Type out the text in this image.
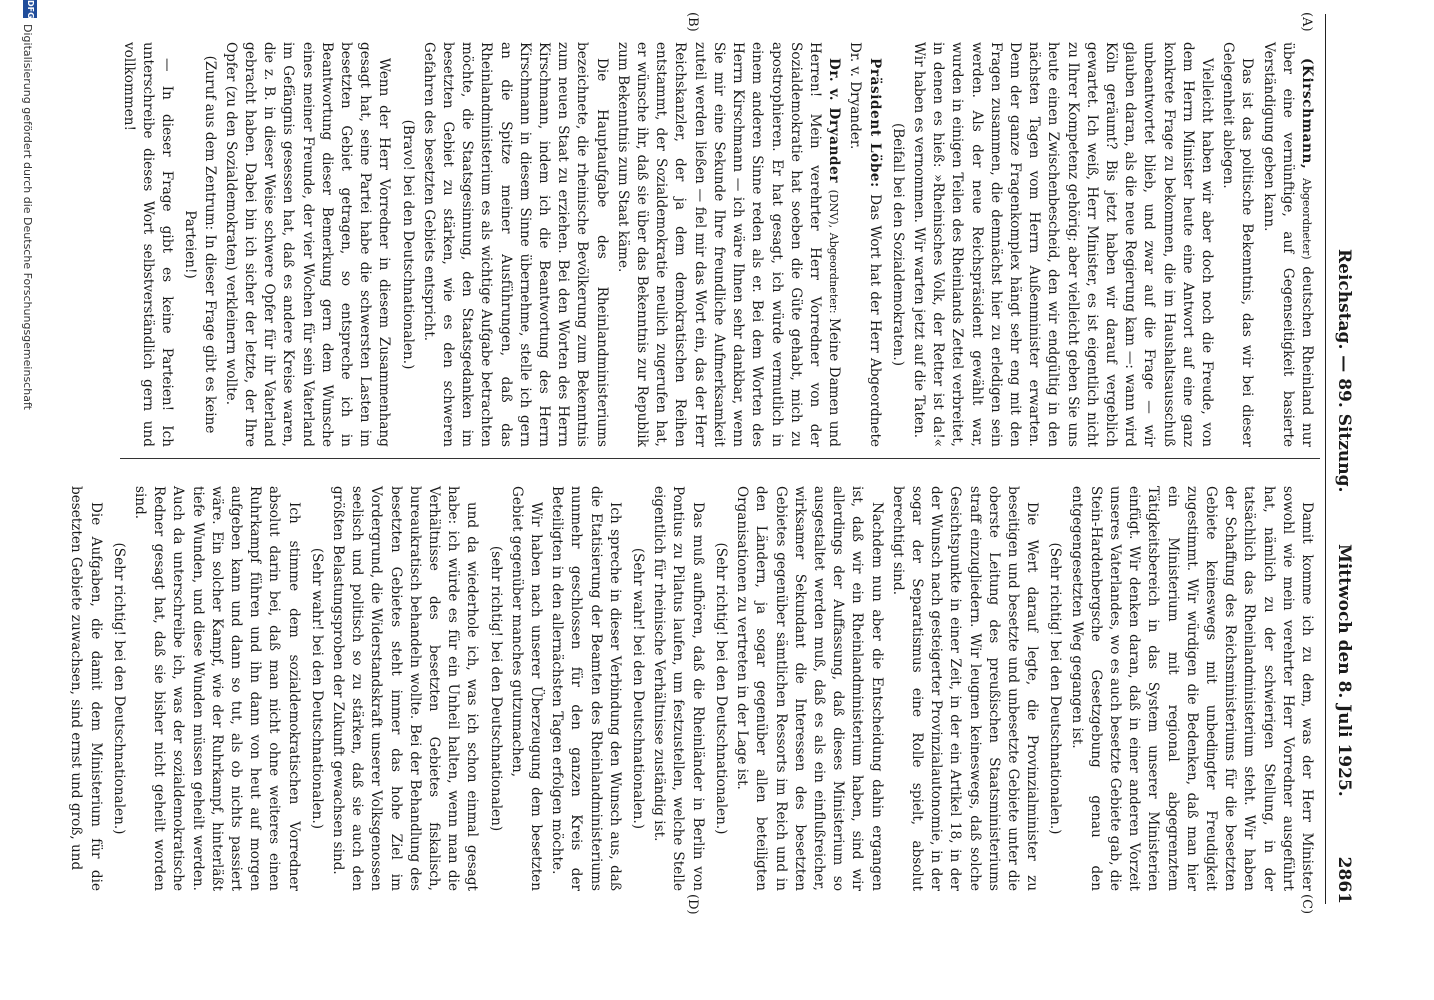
Reichstag. — 89. Sitzung.
Mittwoch den 8. Juli 1925.
2861
(A)
(B)
(C)
(D)

(Kirschmann, Abgeordneter) deutschen Rheinland nur über eine vernünftige, auf Gegenseitigkeit basierte Verständigung geben kann.

Das ist das politische Bekenntnis, das wir bei dieser Gelegenheit ablegen.

Vielleicht haben wir aber doch noch die Freude, von dem Herrn Minister heute eine Antwort auf eine ganz konkrete Frage zu bekommen, die im Haushaltsausschuß unbeantwortet blieb, und zwar auf die Frage — wir glauben daran, als die neue Regierung kam —: wann wird Köln geräumt? Bis jetzt haben wir darauf vergeblich gewartet. Ich weiß, Herr Minister, es ist eigentlich nicht zu Ihrer Kompetenz gehörig; aber vielleicht geben Sie uns heute einen Zwischenbescheid, den wir endgültig in den nächsten Tagen vom Herrn Außenminister erwarten. Denn der ganze Fragenkomplex hängt sehr eng mit den Fragen zusammen, die demnächst hier zu erledigen sein werden. Als der neue Reichspräsident gewählt war, wurden in einigen Teilen des Rheinlands Zettel verbreitet, in denen es hieß: »Rheinisches Volk, der Retter ist da!« Wir haben es vernommen. Wir warten jetzt auf die Taten.

(Beifall bei den Sozialdemokraten.)

Präsident Löbe: Das Wort hat der Herr Abgeordnete Dr. v. Dryander.

Dr. v. Dryander (DNV), Abgeordneter: Meine Damen und Herren! Mein verehrter Herr Vorredner von der Sozialdemokratie hat soeben die Güte gehabt, mich zu apostrophieren. Er hat gesagt, ich würde vermutlich in einem anderen Sinne reden als er. Bei dem Worten des Herrn Kirschmann — ich wäre Ihnen sehr dankbar, wenn Sie mir eine Sekunde Ihre freundliche Aufmerksamkeit zuteil werden ließen — fiel mir das Wort ein, das der Herr Reichskanzler, der ja dem demokratischen Reihen entstammt, der Sozialdemokratie neulich zugerufen hat, er wünsche ihr, daß sie über das Bekenntnis zur Republik zum Bekenntnis zum Staat käme.

Die Hauptaufgabe des Rheinlandministeriums bezeichnete, die rheinische Bevölkerung zum Bekenntnis zum neuen Staat zu erziehen. Bei den Worten des Herrn Kirschmann, indem ich die Beantwortung des Herrn Kirschmann in diesem Sinne übernehme, stelle ich gern an die Spitze meiner Ausführungen, daß das Rheinlandministerium es als wichtige Aufgabe betrachten möchte, die Staatsgesinnung, den Staatsgedanken im besetzten Gebiet zu stärken, wie es den schweren Gefahren des besetzten Gebiets entspricht.

(Bravo! bei den Deutschnationalen.)

Wenn der Herr Vorredner in diesem Zusammenhang gesagt hat, seine Partei habe die schwersten Lasten im besetzten Gebiet getragen, so entspreche ich in Beantwortung dieser Bemerkung gern dem Wunsche eines meiner Freunde, der vier Wochen für sein Vaterland im Gefängnis gesessen hat, daß es andere Kreise waren, die z. B. in dieser Weise schwere Opfer für ihr Vaterland gebracht haben. Dabei bin ich sicher der letzte, der Ihre Opfer (zu den Sozialdemokraten) verkleinern wollte.

(Zuruf aus dem Zentrum: In dieser Frage gibt es keine Parteien!)

— In dieser Frage gibt es keine Parteien! Ich unterschreibe dieses Wort selbstverständlich gern und vollkommen!

Damit komme ich zu dem, was der Herr Minister sowohl wie mein verehrter Herr Vorredner ausgeführt hat, nämlich zu der schwierigen Stellung, in der tatsächlich das Rheinlandministerium steht. Wir haben der Schaffung des Reichsministeriums für die besetzten Gebiete keineswegs mit unbedingter Freudigkeit zugestimmt. Wir würdigen die Bedenken, daß man hier ein Ministerium mit regional abgegrenztem Tätigkeitsbereich in das System unserer Ministerien einfügt. Wir denken daran, daß in einer anderen Vorzeit unseres Vaterlandes, wo es auch besetzte Gebiete gab, die Stein-Hardenbergsche Gesetzgebung genau den entgegengesetzten Weg gegangen ist.

(Sehr richtig! bei den Deutschnationalen.)

Die Wert darauf legte, die Provinzialminister zu beseitigen und besetzte und unbesetzte Gebiete unter die oberste Leitung des preußischen Staatsministeriums straff einzugliedern. Wir leugnen keineswegs, daß solche Gesichtspunkte in einer Zeit, in der ein Artikel 18, in der der Wunsch nach gesteigerter Provinzialautonomie, in der sogar der Separatismus eine Rolle spielt, absolut berechtigt sind.

Nachdem nun aber die Entscheidung dahin ergangen ist, daß wir ein Rheinlandministerium haben, sind wir allerdings der Auffassung, daß dieses Ministerium so ausgestaltet werden muß, daß es als ein einflußreicher, wirksamer Sekundant die Interessen des besetzten Gebietes gegenüber sämtlichen Ressorts im Reich und in den Ländern, ja sogar gegenüber allen beteiligten Organisationen zu vertreten in der Lage ist.

(Sehr richtig! bei den Deutschnationalen.)

Das muß aufhören, daß die Rheinländer in Berlin von Pontius zu Pilatus laufen, um festzustellen, welche Stelle eigentlich für rheinische Verhältnisse zuständig ist.

(Sehr wahr! bei den Deutschnationalen.)

Ich spreche in dieser Verbindung den Wunsch aus, daß die Etatisierung der Beamten des Rheinlandministeriums nunmehr geschlossen für den ganzen Kreis der Beteiligten in den allernächsten Tagen erfolgen möchte.

Wir haben nach unserer Überzeugung dem besetzten Gebiet gegenüber manches gutzumachen,

(sehr richtig! bei den Deutschnationalen)

und da wiederhole ich, was ich schon einmal gesagt habe: ich würde es für ein Unheil halten, wenn man die Verhältnisse des besetzten Gebietes fiskalisch, bureaukratisch behandeln wollte. Bei der Behandlung des besetzten Gebietes steht immer das hohe Ziel im Vordergrund, die Widerstandskraft unserer Volksgenossen seelisch und politisch so zu stärken, daß sie auch den größten Belastungsproben der Zukunft gewachsen sind.

(Sehr wahr! bei den Deutschnationalen.)

Ich stimme dem sozialdemokratischen Vorredner absolut darin bei, daß man nicht ohne weiteres einen Ruhrkampf führen und ihn dann von heut auf morgen aufgeben kann und dann so tut, als ob nichts passiert wäre. Ein solcher Kampf, wie der Ruhrkampf, hinterläßt tiefe Wunden, und diese Wunden müssen geheilt werden. Auch da unterschreibe ich, was der sozialdemokratische Redner gesagt hat, daß sie bisher nicht geheilt worden sind.

(Sehr richtig! bei den Deutschnationalen.)

Die Aufgaben, die damit dem Ministerium für die besetzten Gebiete zuwachsen, sind ernst und groß, und

DFG
Digitalisierung gefördert durch die Deutsche Forschungsgemeinschaft
